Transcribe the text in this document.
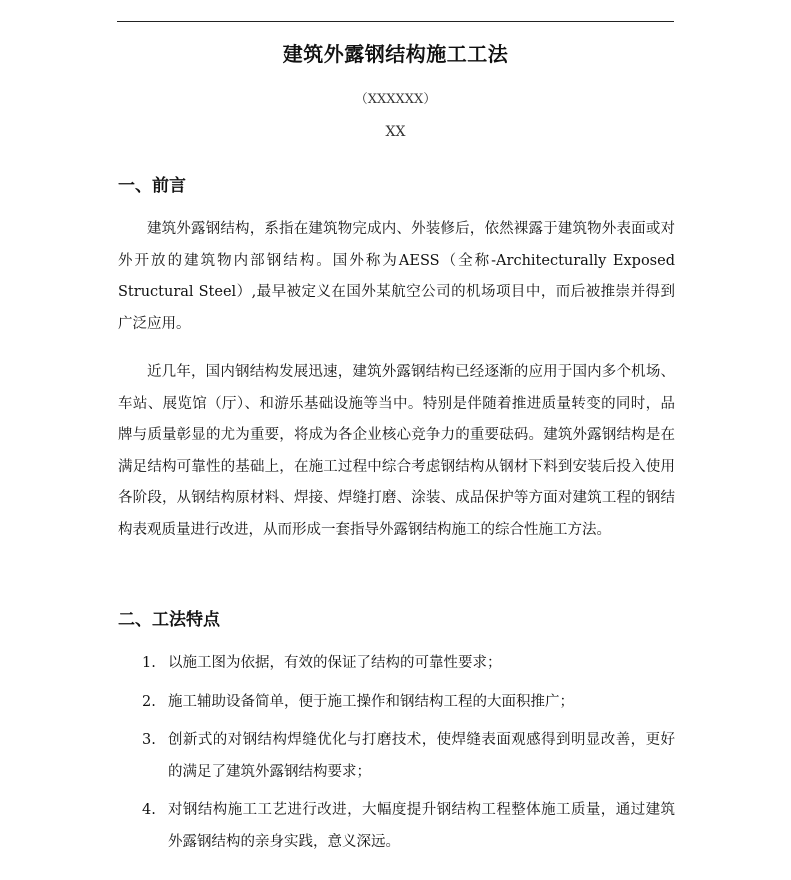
建筑外露钢结构施工工法
（XXXXXX）
XX
一、前言

建筑外露钢结构，系指在建筑物完成内、外装修后，依然裸露于建筑物外表面或对外开放的建筑物内部钢结构。国外称为AESS（全称-Architecturally Exposed Structural Steel）,最早被定义在国外某航空公司的机场项目中，而后被推崇并得到广泛应用。

近几年，国内钢结构发展迅速，建筑外露钢结构已经逐渐的应用于国内多个机场、车站、展览馆（厅）、和游乐基础设施等当中。特别是伴随着推进质量转变的同时，品牌与质量彰显的尤为重要，将成为各企业核心竞争力的重要砝码。建筑外露钢结构是在满足结构可靠性的基础上，在施工过程中综合考虑钢结构从钢材下料到安装后投入使用各阶段，从钢结构原材料、焊接、焊缝打磨、涂装、成品保护等方面对建筑工程的钢结构表观质量进行改进，从而形成一套指导外露钢结构施工的综合性施工方法。

二、工法特点
1. 以施工图为依据，有效的保证了结构的可靠性要求；
2. 施工辅助设备简单，便于施工操作和钢结构工程的大面积推广；
3. 创新式的对钢结构焊缝优化与打磨技术，使焊缝表面观感得到明显改善，更好的满足了建筑外露钢结构要求；
4. 对钢结构施工工艺进行改进，大幅度提升钢结构工程整体施工质量，通过建筑外露钢结构的亲身实践，意义深远。
